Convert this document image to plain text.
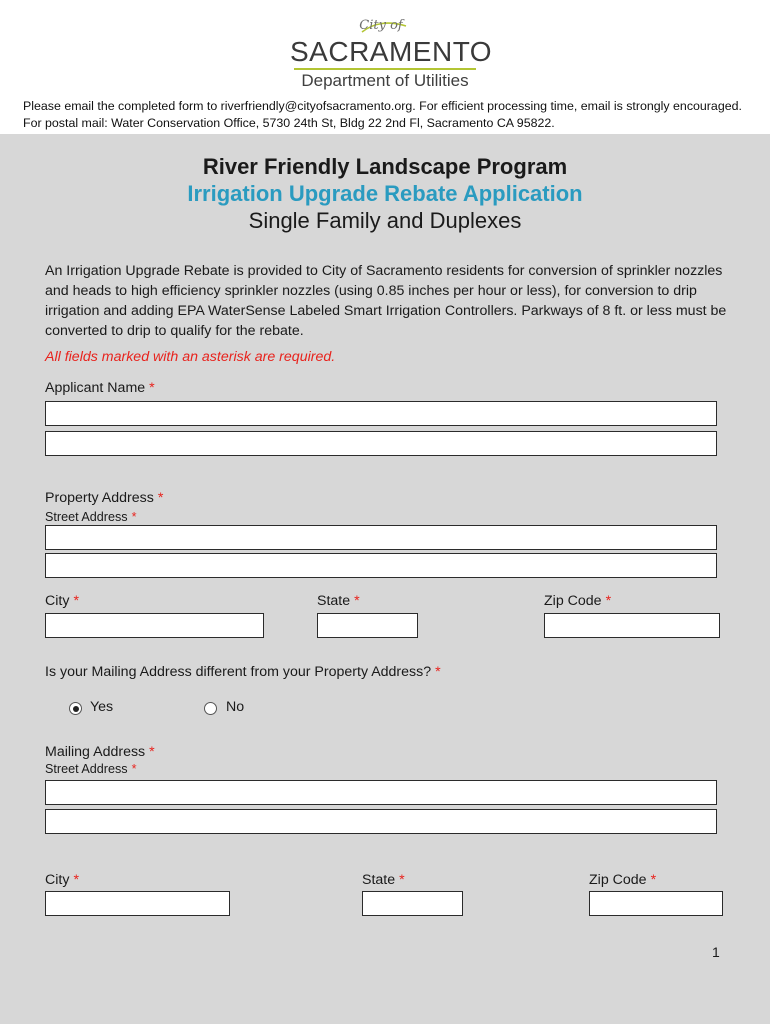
City of
SACRAMENTO
Department of Utilities
Please email the completed form to riverfriendly@cityofsacramento.org. For efficient processing time, email is strongly encouraged. For postal mail: Water Conservation Office, 5730 24th St, Bldg 22 2nd Fl, Sacramento CA 95822.
River Friendly Landscape Program
Irrigation Upgrade Rebate Application
Single Family and Duplexes
An Irrigation Upgrade Rebate is provided to City of Sacramento residents for conversion of sprinkler nozzles and heads to high efficiency sprinkler nozzles (using 0.85 inches per hour or less), for conversion to drip irrigation and adding EPA WaterSense Labeled Smart Irrigation Controllers. Parkways of 8 ft. or less must be converted to drip to qualify for the rebate.
All fields marked with an asterisk are required.
Applicant Name *
Property Address *
Street Address *
City *	State *	Zip Code *
Is your Mailing Address different from your Property Address? *
Yes	No
Mailing Address *
Street Address *
City *	State *	Zip Code *
1
